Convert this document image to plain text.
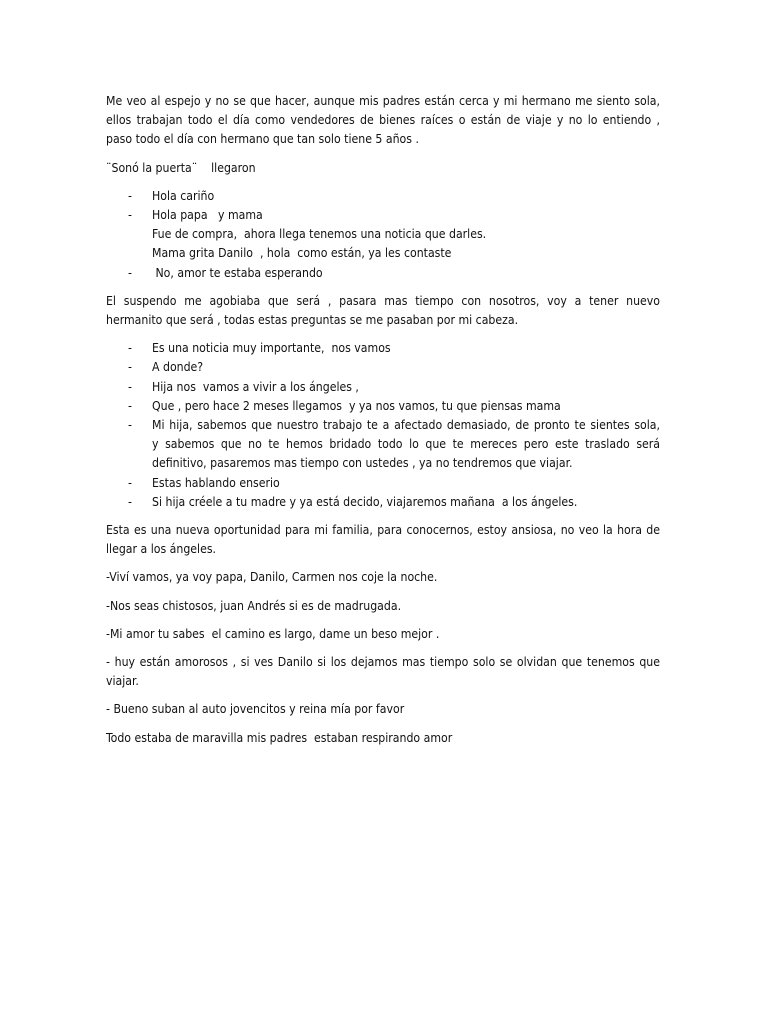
Me veo al espejo y no se que hacer, aunque mis padres están cerca y mi hermano me siento sola,
ellos trabajan todo el día como vendedores de bienes raíces o están de viaje y no lo entiendo ,
paso todo el día con hermano que tan solo tiene 5 años .

¨Sonó la puerta¨    llegaron

- Hola cariño
- Hola papa   y mama
Fue de compra,  ahora llega tenemos una noticia que darles.
Mama grita Danilo  , hola  como están, ya les contaste
- No, amor te estaba esperando

El suspendo me agobiaba que será , pasara mas tiempo con nosotros, voy a tener nuevo
hermanito que será , todas estas preguntas se me pasaban por mi cabeza.

- Es una noticia muy importante,  nos vamos
- A donde?
- Hija nos  vamos a vivir a los ángeles ,
- Que , pero hace 2 meses llegamos  y ya nos vamos, tu que piensas mama
- Mi hija, sabemos que nuestro trabajo te a afectado demasiado, de pronto te sientes sola,
y sabemos que no te hemos bridado todo lo que te mereces pero este traslado será
definitivo, pasaremos mas tiempo con ustedes , ya no tendremos que viajar.
- Estas hablando enserio
- Si hija créele a tu madre y ya está decido, viajaremos mañana  a los ángeles.

Esta es una nueva oportunidad para mi familia, para conocernos, estoy ansiosa, no veo la hora de
llegar a los ángeles.

-Viví vamos, ya voy papa, Danilo, Carmen nos coje la noche.

-Nos seas chistosos, juan Andrés si es de madrugada.

-Mi amor tu sabes  el camino es largo, dame un beso mejor .

- huy están amorosos , si ves Danilo si los dejamos mas tiempo solo se olvidan que tenemos que
viajar.

- Bueno suban al auto jovencitos y reina mía por favor

Todo estaba de maravilla mis padres  estaban respirando amor
